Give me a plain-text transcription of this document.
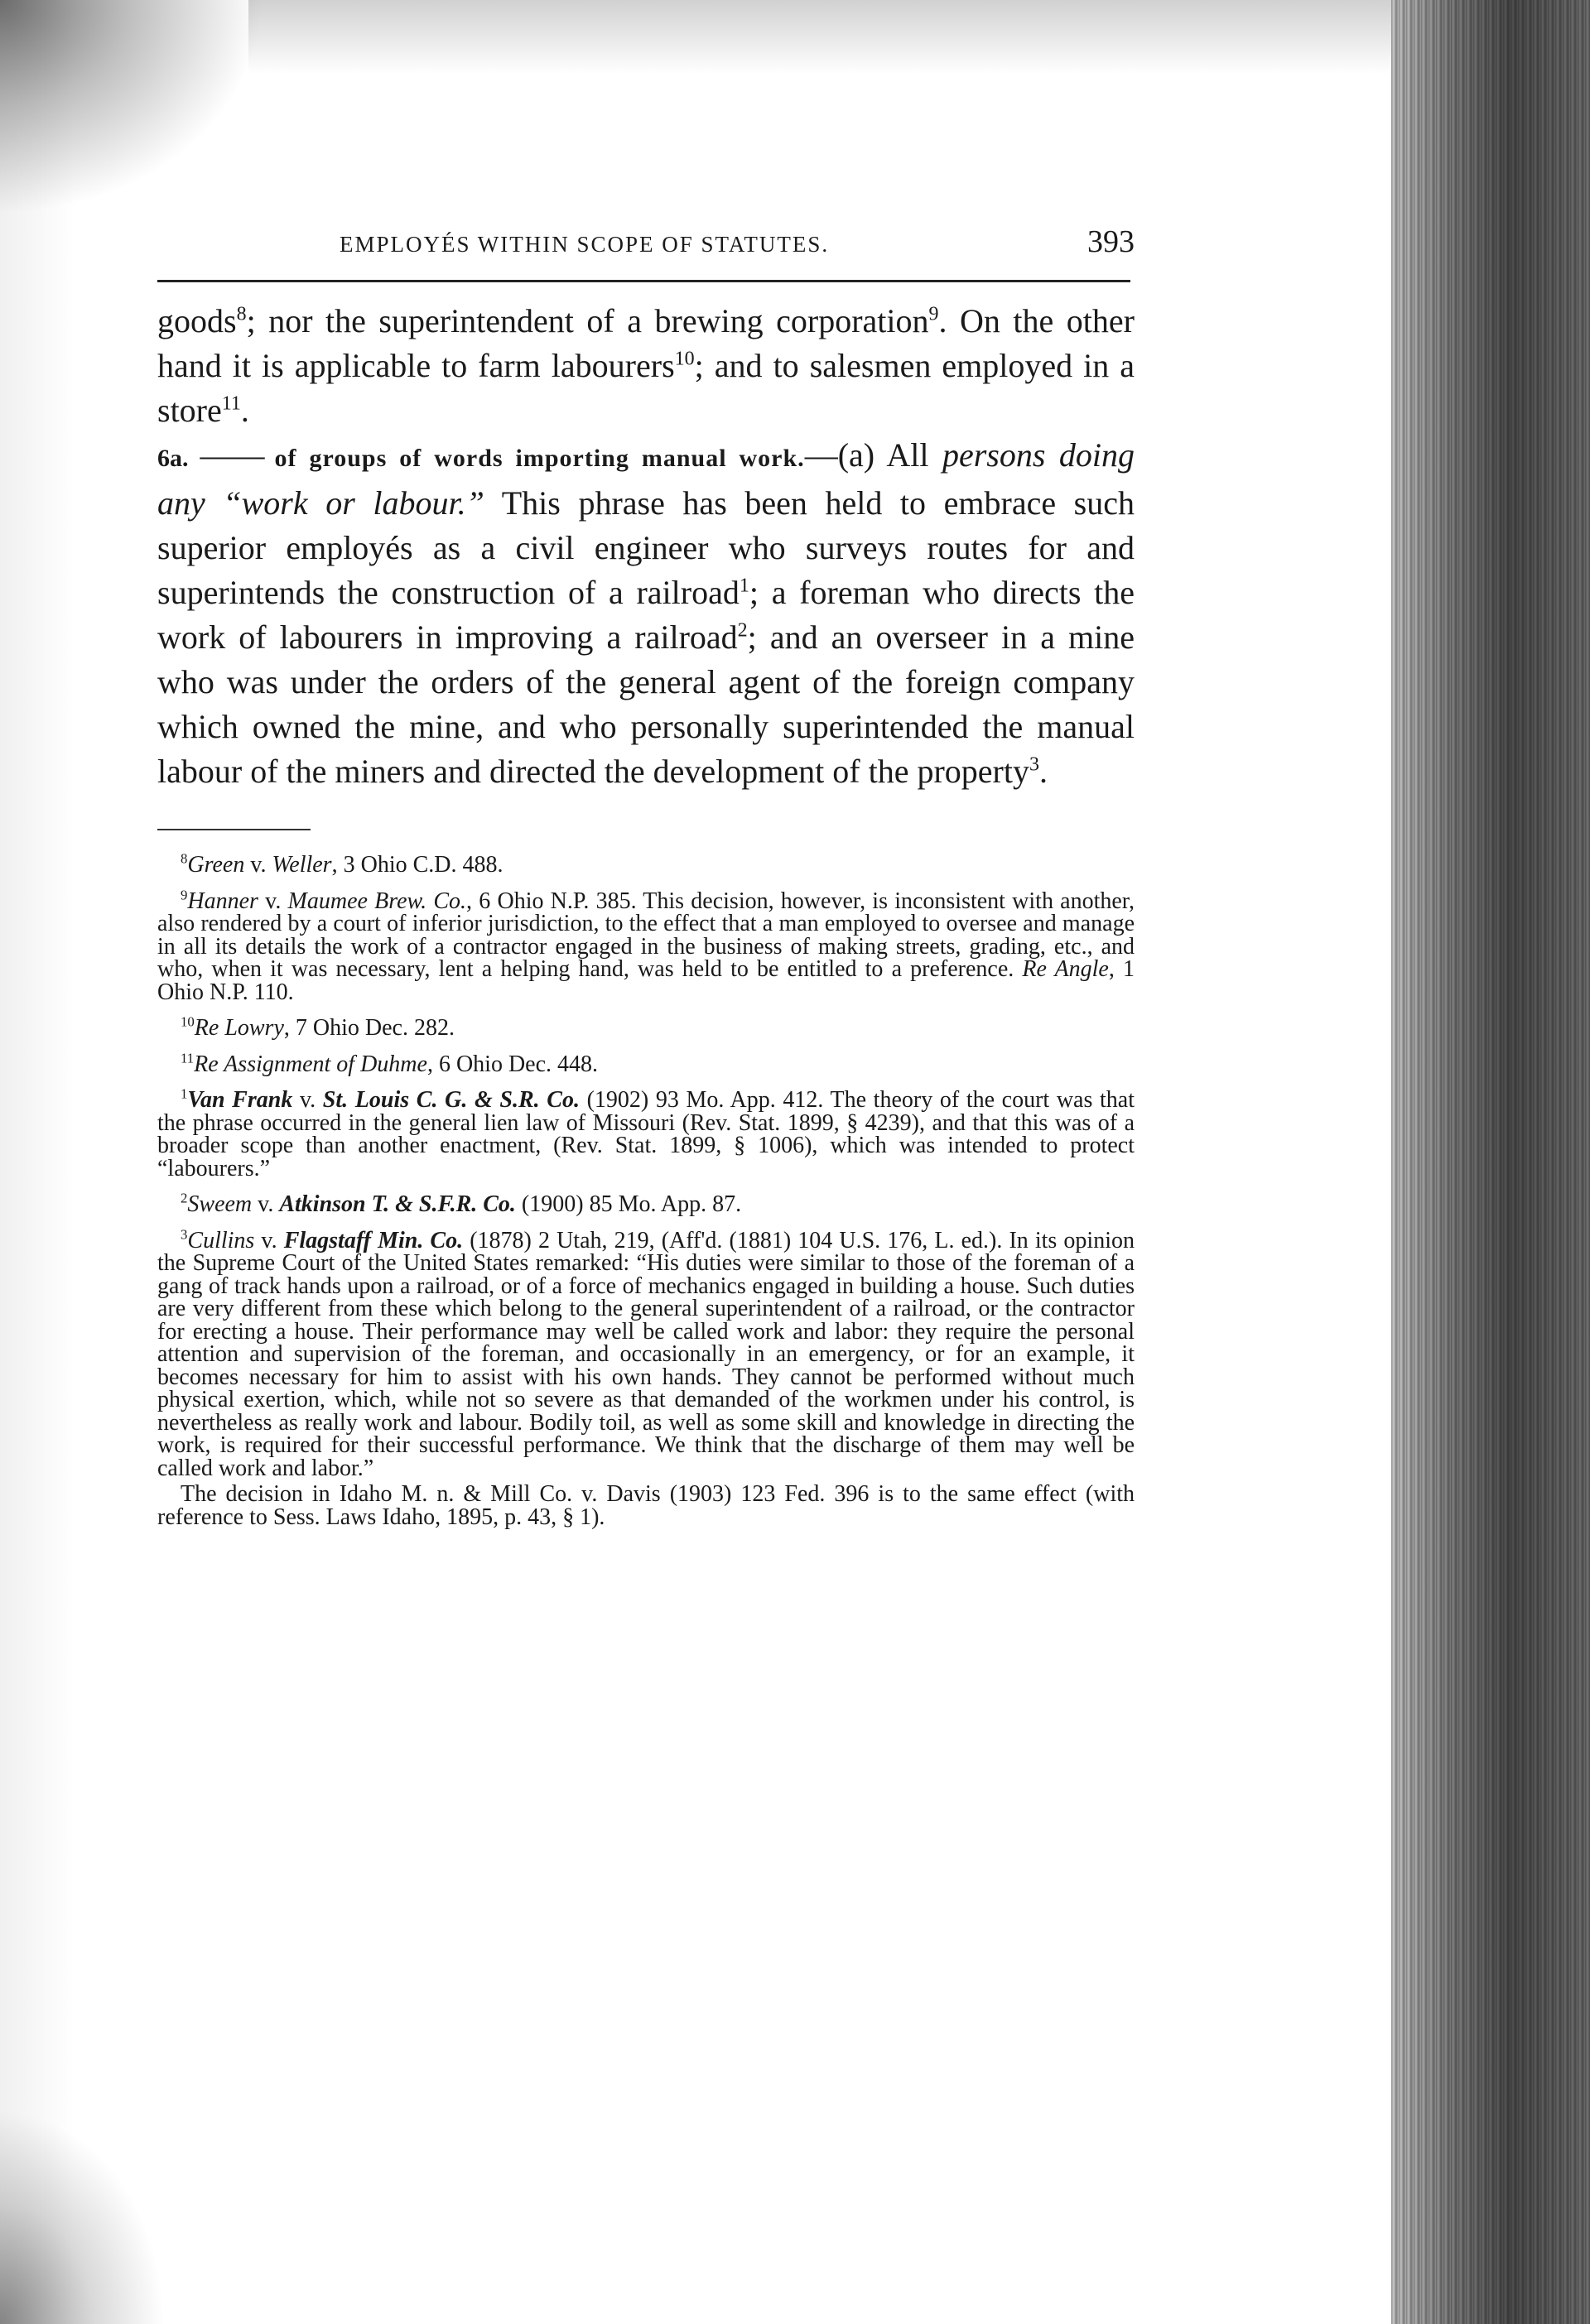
EMPLOYÉS WITHIN SCOPE OF STATUTES.	393

goods$^8$; nor the superintendent of a brewing corporation$^9$. On the other hand it is applicable to farm labourers$^{10}$; and to salesmen employed in a store$^{11}$.

6a. —— of groups of words importing manual work.—(a) All persons doing any “work or labour.” This phrase has been held to embrace such superior employés as a civil engineer who surveys routes for and superintends the construction of a railroad$^1$; a foreman who directs the work of labourers in improving a railroad$^2$; and an overseer in a mine who was under the orders of the general agent of the foreign company which owned the mine, and who personally superintended the manual labour of the miners and directed the development of the property$^3$.

$^8$Green v. Weller, 3 Ohio C.D. 488.

$^9$Hanner v. Maumee Brew. Co., 6 Ohio N.P. 385. This decision, however, is inconsistent with another, also rendered by a court of inferior jurisdiction, to the effect that a man employed to oversee and manage in all its details the work of a contractor engaged in the business of making streets, grading, etc., and who, when it was necessary, lent a helping hand, was held to be entitled to a preference. Re Angle, 1 Ohio N.P. 110.

$^{10}$Re Lowry, 7 Ohio Dec. 282.

$^{11}$Re Assignment of Duhme, 6 Ohio Dec. 448.

$^1$Van Frank v. St. Louis C. G. & S.R. Co. (1902) 93 Mo. App. 412. The theory of the court was that the phrase occurred in the general lien law of Missouri (Rev. Stat. 1899, § 4239), and that this was of a broader scope than another enactment, (Rev. Stat. 1899, § 1006), which was intended to protect “labourers.”

$^2$Sweem v. Atkinson T. & S.F.R. Co. (1900) 85 Mo. App. 87.

$^3$Cullins v. Flagstaff Min. Co. (1878) 2 Utah, 219, (Aff'd. (1881) 104 U.S. 176, L. ed.). In its opinion the Supreme Court of the United States remarked: “His duties were similar to those of the foreman of a gang of track hands upon a railroad, or of a force of mechanics engaged in building a house. Such duties are very different from these which belong to the general superintendent of a railroad, or the contractor for erecting a house. Their performance may well be called work and labor: they require the personal attention and supervision of the foreman, and occasionally in an emergency, or for an example, it becomes necessary for him to assist with his own hands. They cannot be performed without much physical exertion, which, while not so severe as that demanded of the workmen under his control, is nevertheless as really work and labour. Bodily toil, as well as some skill and knowledge in directing the work, is required for their successful performance. We think that the discharge of them may well be called work and labor.”

The decision in Idaho M. n. & Mill Co. v. Davis (1903) 123 Fed. 396 is to the same effect (with reference to Sess. Laws Idaho, 1895, p. 43, § 1).
